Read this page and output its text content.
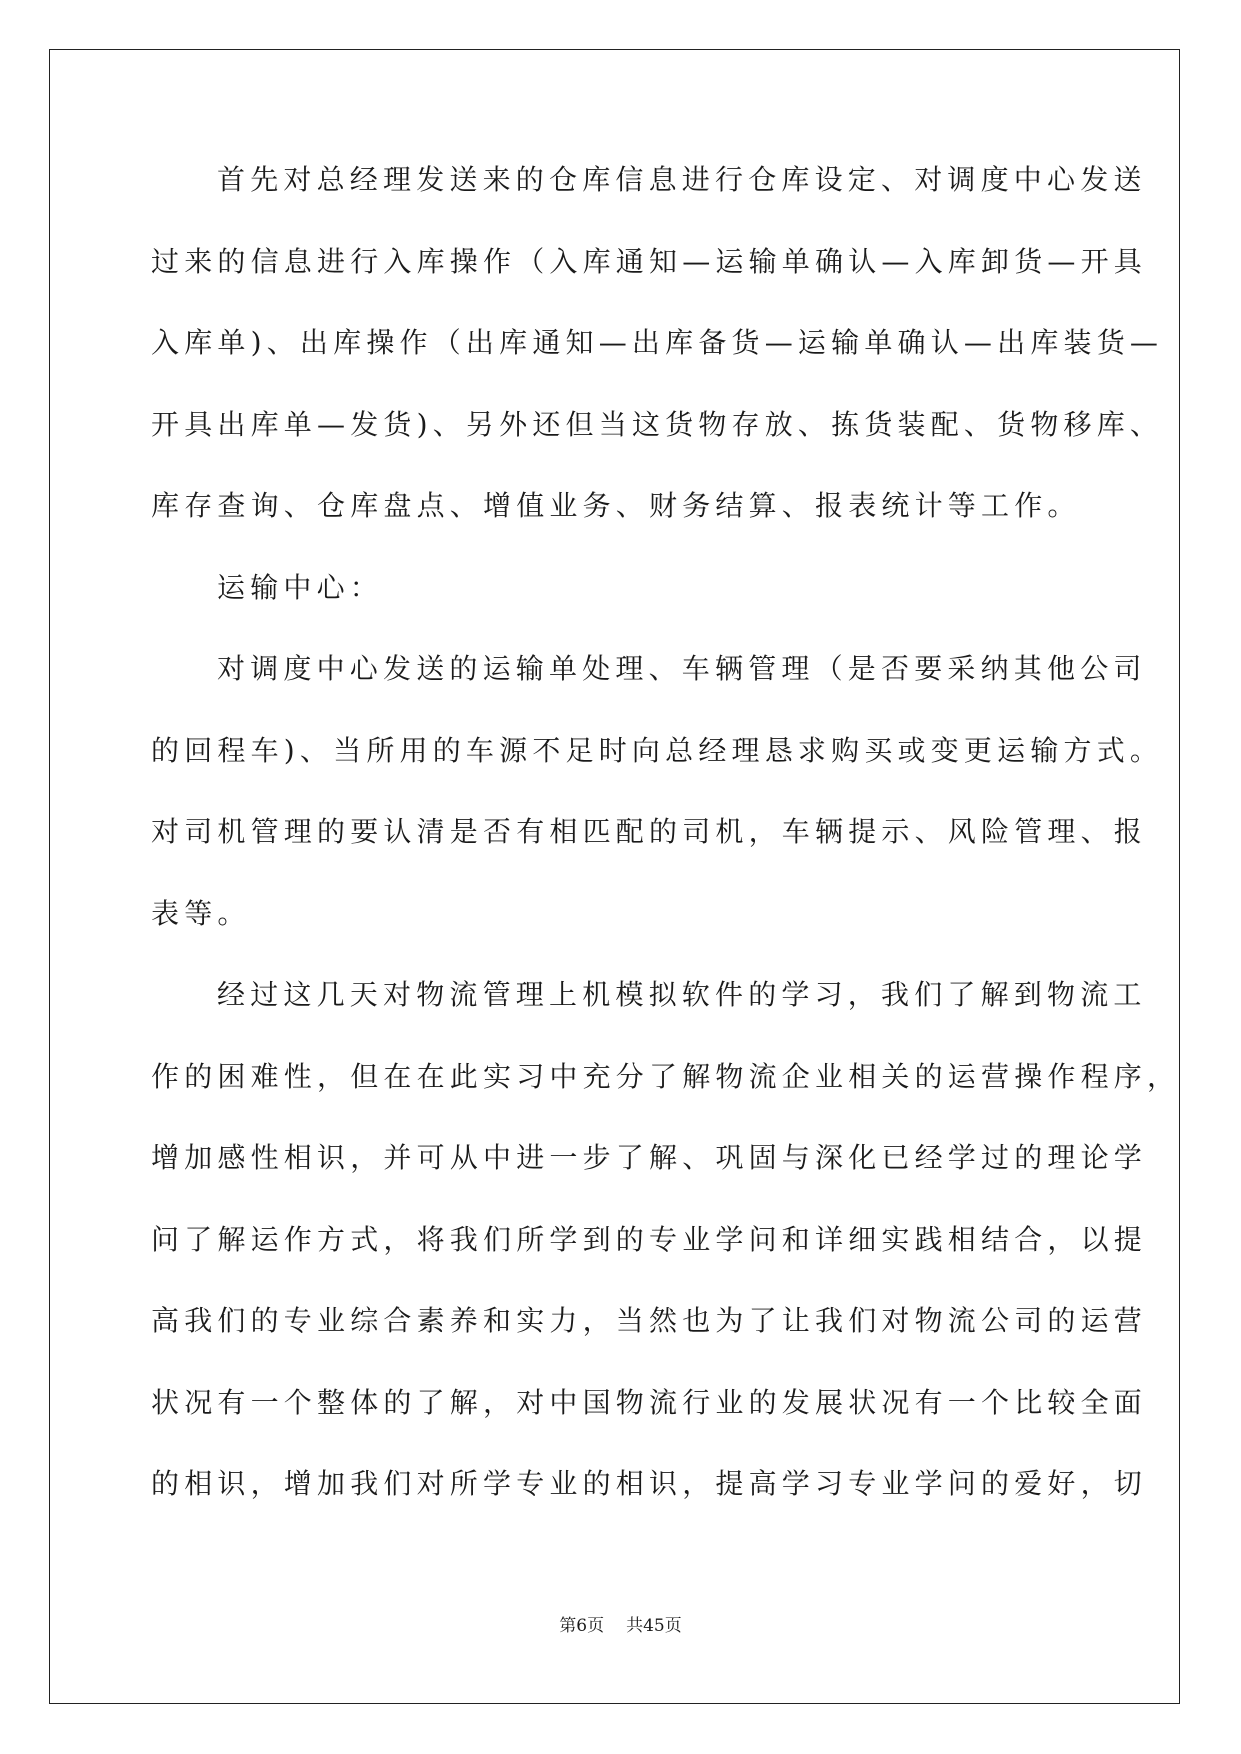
首先对总经理发送来的仓库信息进行仓库设定、对调度中心发送
过来的信息进行入库操作（入库通知—运输单确认—入库卸货—开具
入库单)、出库操作（出库通知—出库备货—运输单确认—出库装货—
开具出库单—发货)、另外还但当这货物存放、拣货装配、货物移库、
库存查询、仓库盘点、增值业务、财务结算、报表统计等工作。
运输中心：
对调度中心发送的运输单处理、车辆管理（是否要采纳其他公司
的回程车)、当所用的车源不足时向总经理恳求购买或变更运输方式。
对司机管理的要认清是否有相匹配的司机，车辆提示、风险管理、报
表等。
经过这几天对物流管理上机模拟软件的学习，我们了解到物流工
作的困难性，但在在此实习中充分了解物流企业相关的运营操作程序，
增加感性相识，并可从中进一步了解、巩固与深化已经学过的理论学
问了解运作方式，将我们所学到的专业学问和详细实践相结合，以提
高我们的专业综合素养和实力，当然也为了让我们对物流公司的运营
状况有一个整体的了解，对中国物流行业的发展状况有一个比较全面
的相识，增加我们对所学专业的相识，提高学习专业学问的爱好，切
第6页 共45页
